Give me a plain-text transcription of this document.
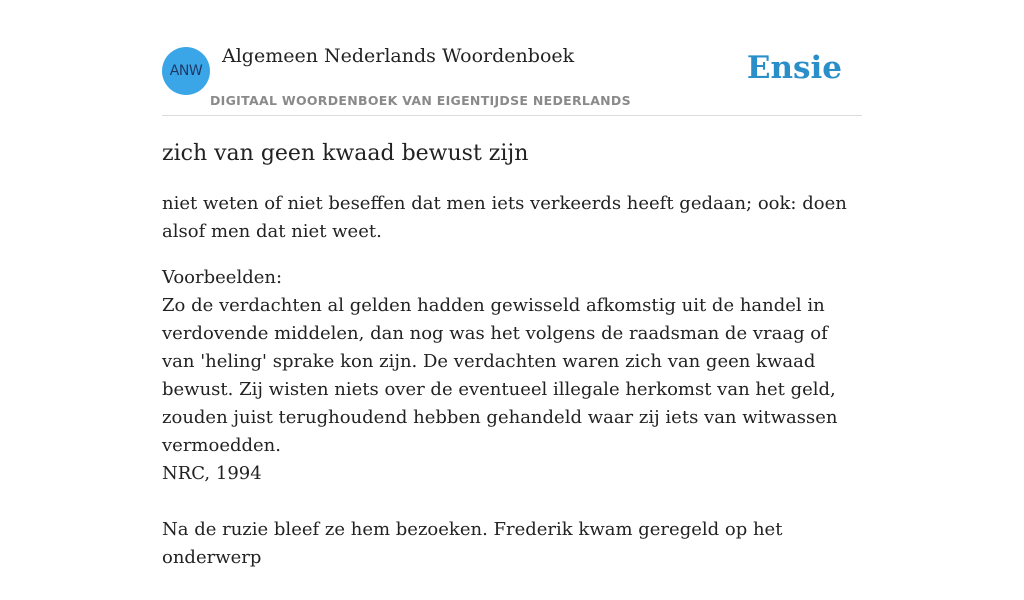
ANW
Algemeen Nederlands Woordenboek
DIGITAAL WOORDENBOEK VAN EIGENTIJDSE NEDERLANDS
Ensie
zich van geen kwaad bewust zijn

niet weten of niet beseffen dat men iets verkeerds heeft gedaan; ook: doen alsof men dat niet weet.

Voorbeelden:

Zo de verdachten al gelden hadden gewisseld afkomstig uit de handel in verdovende middelen, dan nog was het volgens de raadsman de vraag of van 'heling' sprake kon zijn. De verdachten waren zich van geen kwaad bewust. Zij wisten niets over de eventueel illegale herkomst van het geld, zouden juist terughoudend hebben gehandeld waar zij iets van witwassen vermoedden.

NRC, 1994

Na de ruzie bleef ze hem bezoeken. Frederik kwam geregeld op het onderwerp
